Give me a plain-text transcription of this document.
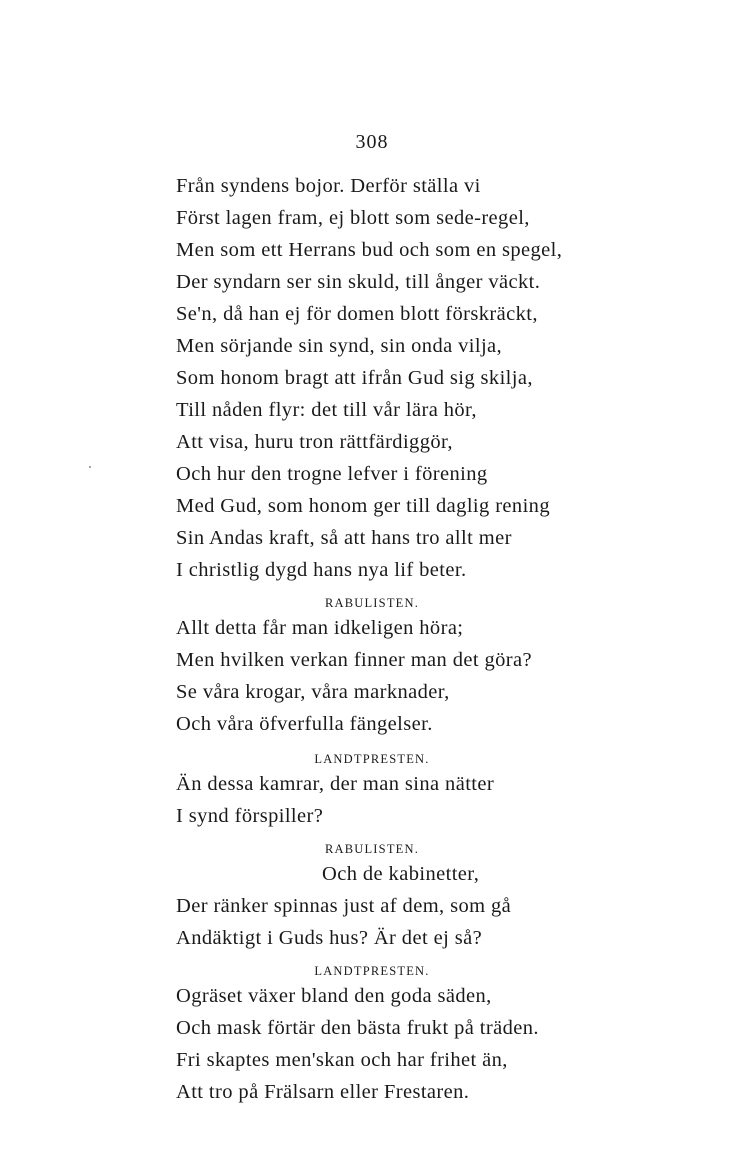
308
Från syndens bojor. Derför ställa vi
Först lagen fram, ej blott som sede-regel,
Men som ett Herrans bud och som en spegel,
Der syndarn ser sin skuld, till ånger väckt.
Se'n, då han ej för domen blott förskräckt,
Men sörjande sin synd, sin onda vilja,
Som honom bragt att ifrån Gud sig skilja,
Till nåden flyr: det till vår lära hör,
Att visa, huru tron rättfärdiggör,
Och hur den trogne lefver i förening
Med Gud, som honom ger till daglig rening
Sin Andas kraft, så att hans tro allt mer
I christlig dygd hans nya lif beter.
RABULISTEN.
Allt detta får man idkeligen höra;
Men hvilken verkan finner man det göra?
Se våra krogar, våra marknader,
Och våra öfverfulla fängelser.
LANDTPRESTEN.
Än dessa kamrar, der man sina nätter
I synd förspiller?
RABULISTEN.
Och de kabinetter,
Der ränker spinnas just af dem, som gå
Andäktigt i Guds hus? Är det ej så?
LANDTPRESTEN.
Ogräset växer bland den goda säden,
Och mask förtär den bästa frukt på träden.
Fri skaptes men'skan och har frihet än,
Att tro på Frälsarn eller Frestaren.
